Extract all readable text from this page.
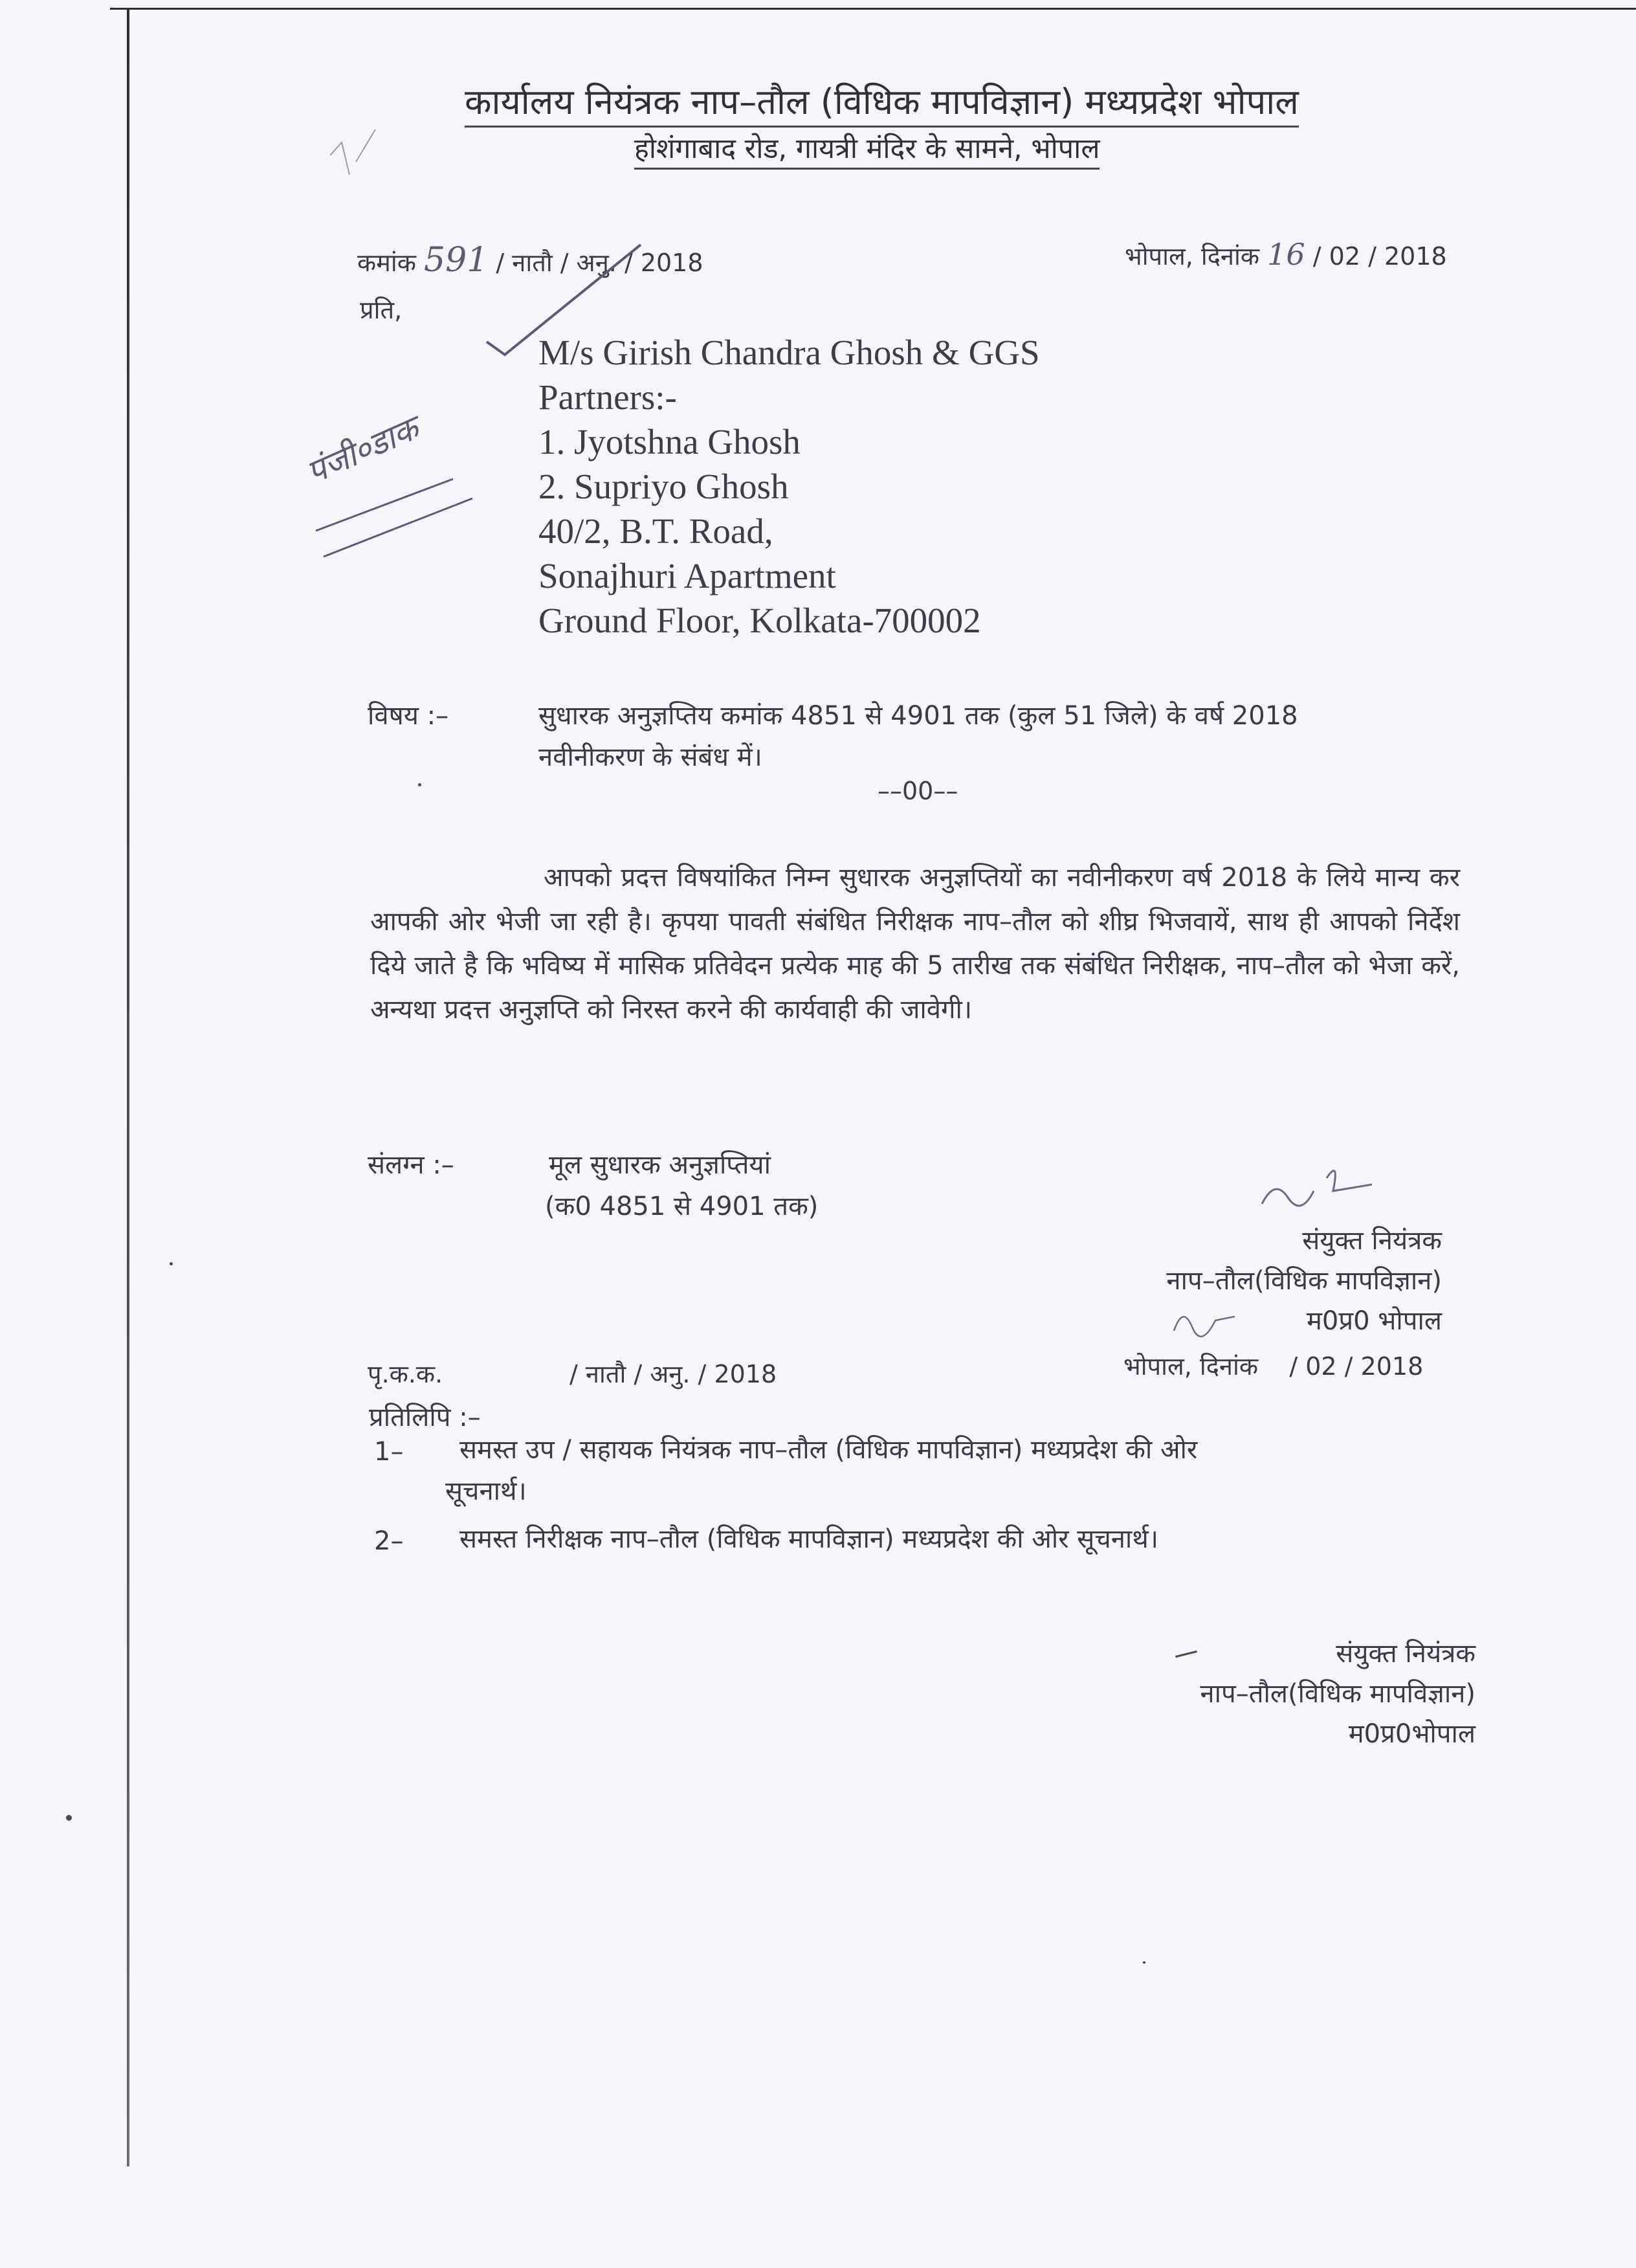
कार्यालय नियंत्रक नाप–तौल (विधिक मापविज्ञान) मध्यप्रदेश भोपाल
होशंगाबाद रोड, गायत्री मंदिर के सामने, भोपाल
कमांक 591 / नातौ / अनु. / 2018	भोपाल, दिनांक 16 / 02 / 2018
प्रति,
पंजी०डाक
M/s Girish Chandra Ghosh & GGS
Partners:-
1. Jyotshna Ghosh
2. Supriyo Ghosh
40/2, B.T. Road,
Sonajhuri Apartment
Ground Floor, Kolkata-700002
विषय :–	सुधारक अनुज्ञप्तिय कमांक 4851 से 4901 तक (कुल 51 जिले) के वर्ष 2018
नवीनीकरण के संबंध में।
––00––
आपको प्रदत्त विषयांकित निम्न सुधारक अनुज्ञप्तियों का नवीनीकरण वर्ष 2018 के लिये मान्य कर आपकी ओर भेजी जा रही है। कृपया पावती संबंधित निरीक्षक नाप–तौल को शीघ्र भिजवायें, साथ ही आपको निर्देश दिये जाते है कि भविष्य में मासिक प्रतिवेदन प्रत्येक माह की 5 तारीख तक संबंधित निरीक्षक, नाप–तौल को भेजा करें, अन्यथा प्रदत्त अनुज्ञप्ति को निरस्त करने की कार्यवाही की जावेगी।
संलग्न :–	मूल सुधारक अनुज्ञप्तियां
(क0 4851 से 4901 तक)
संयुक्त नियंत्रक
नाप–तौल(विधिक मापविज्ञान)
म0प्र0 भोपाल
पृ.क.क.	/ नातौ / अनु. / 2018	भोपाल, दिनांक    / 02 / 2018
प्रतिलिपि :–
1– समस्त उप / सहायक नियंत्रक नाप–तौल (विधिक मापविज्ञान) मध्यप्रदेश की ओर
सूचनार्थ।
2– समस्त निरीक्षक नाप–तौल (विधिक मापविज्ञान) मध्यप्रदेश की ओर सूचनार्थ।
संयुक्त नियंत्रक
नाप–तौल(विधिक मापविज्ञान)
म0प्र0भोपाल
